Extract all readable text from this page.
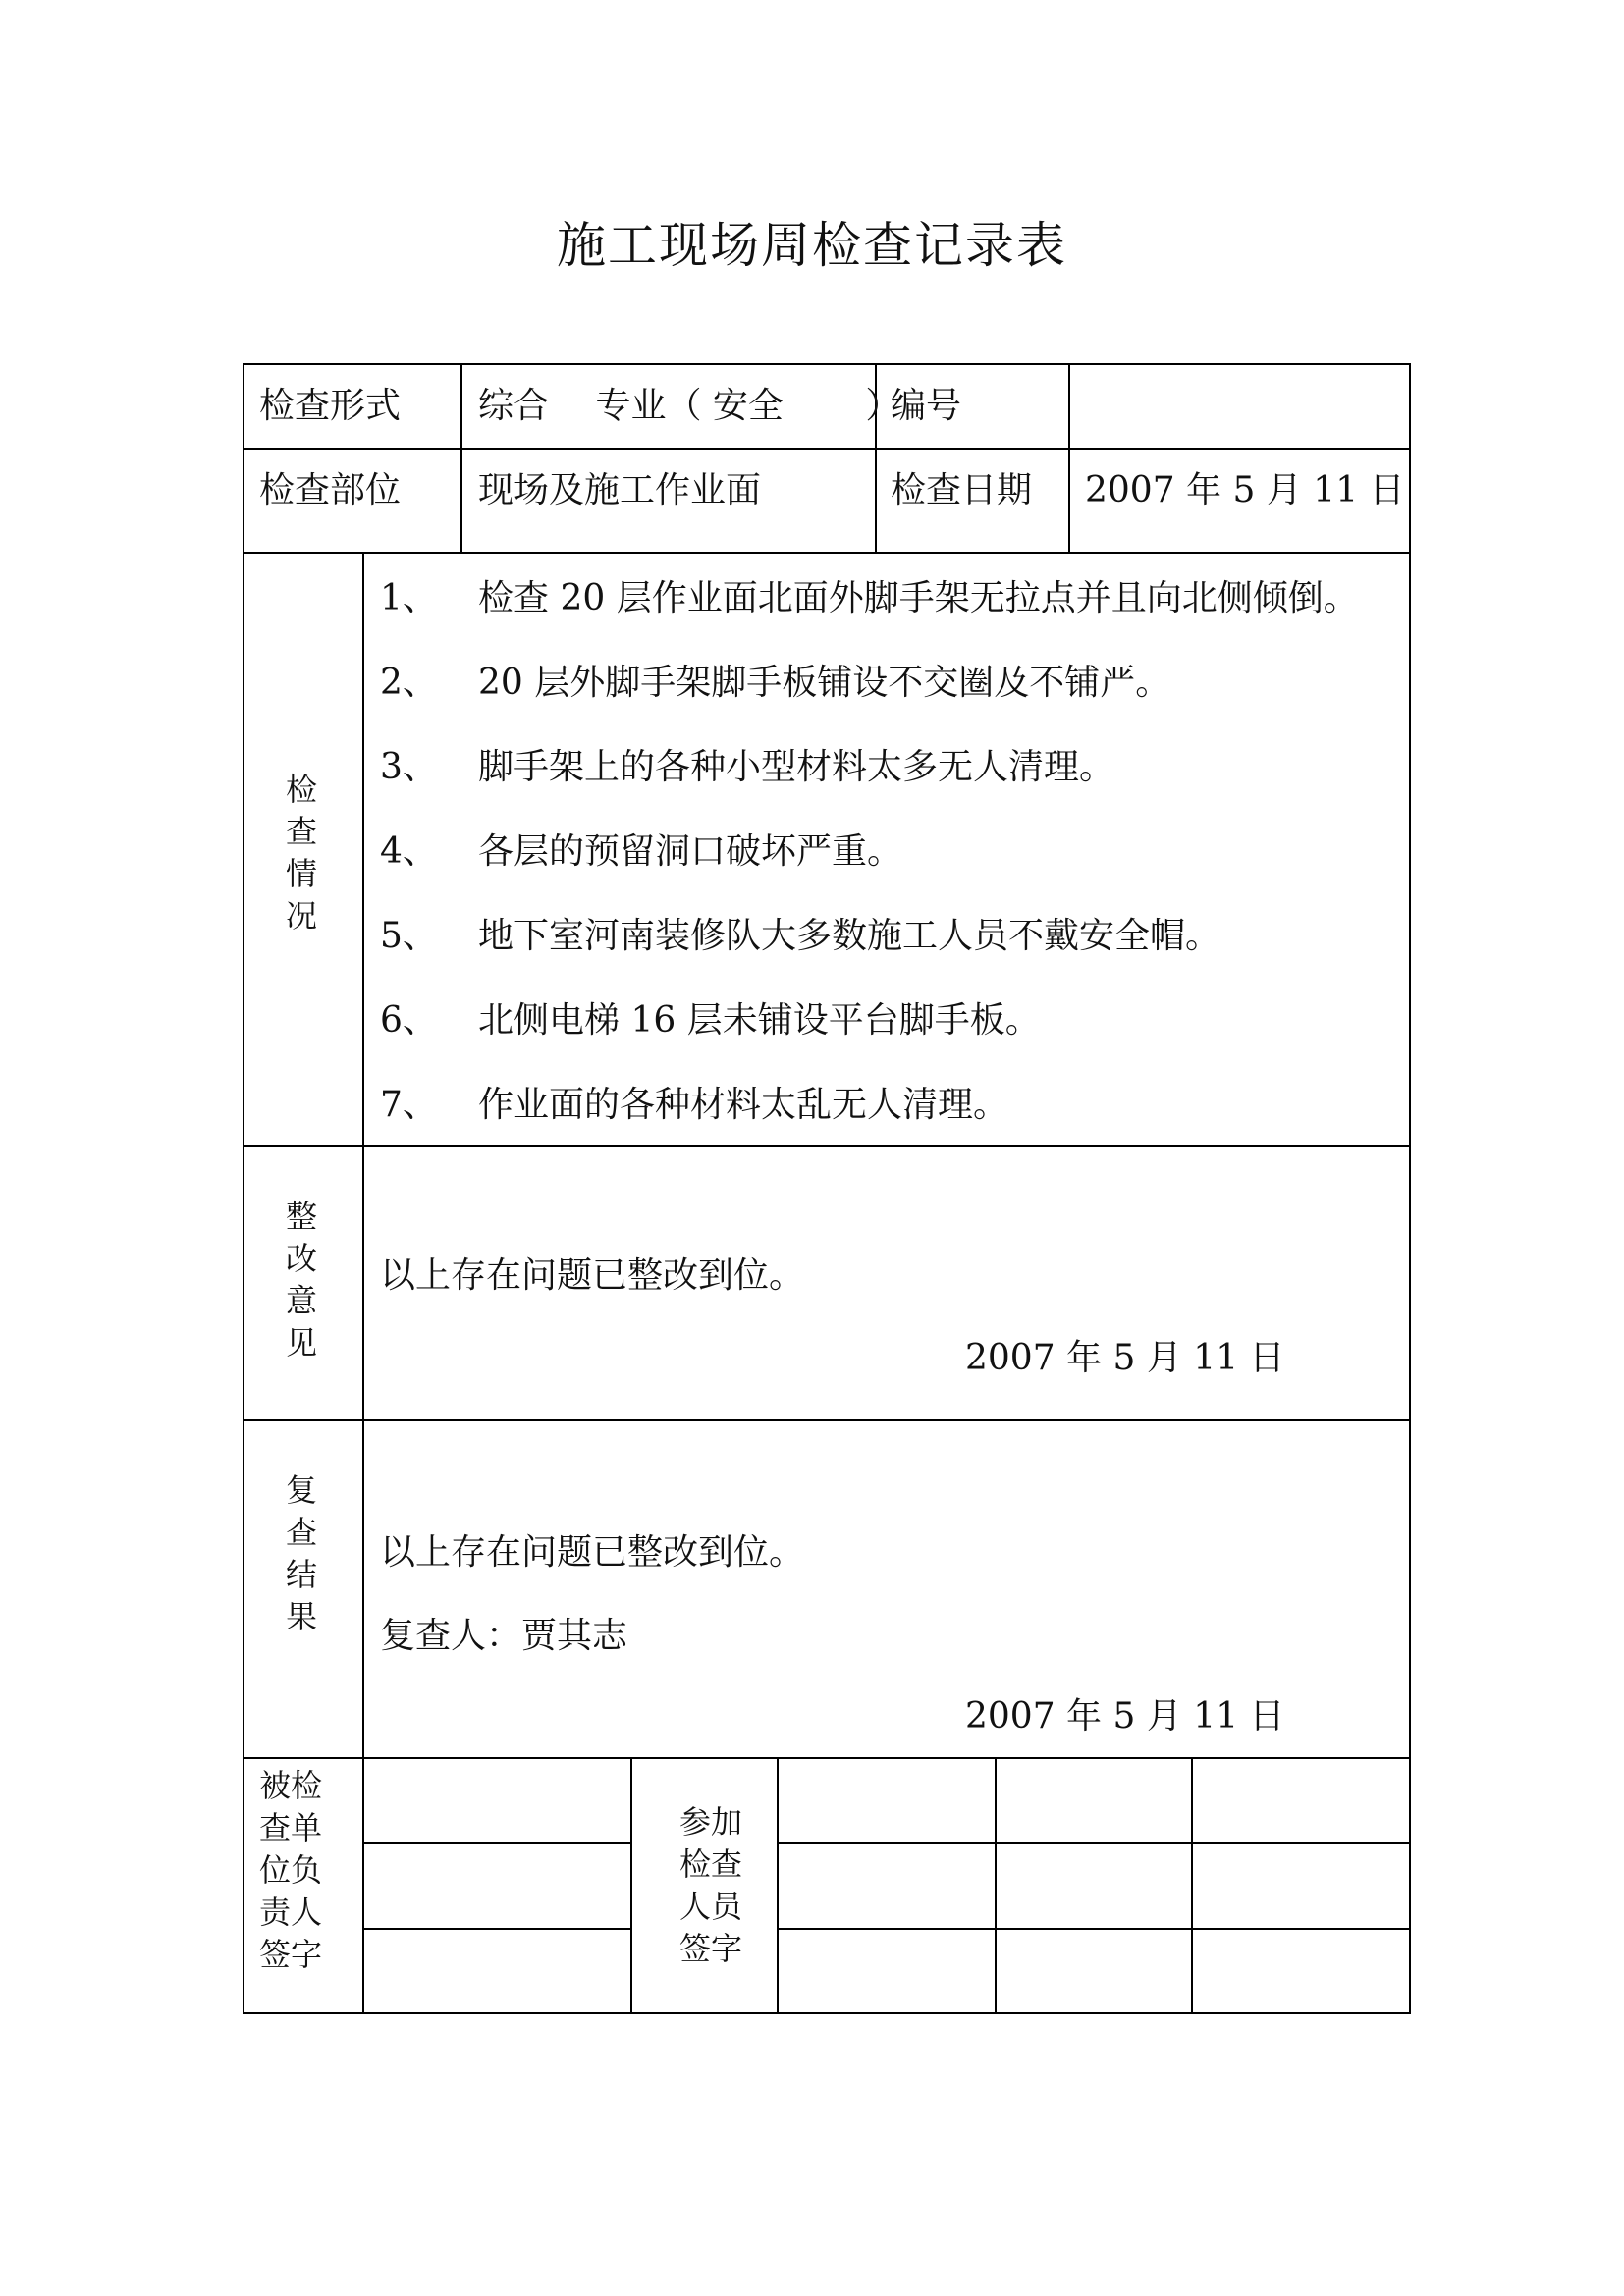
施工现场周检查记录表
检查形式 综合　 专业（ 安全　 　）
编号
检查部位 现场及施工作业面	检查日期 2007 年 5 月 11 日
检
查
情
况
1、 检查 20 层作业面北面外脚手架无拉点并且向北侧倾倒。
2、 20 层外脚手架脚手板铺设不交圈及不铺严。
3、 脚手架上的各种小型材料太多无人清理。
4、 各层的预留洞口破坏严重。
5、 地下室河南装修队大多数施工人员不戴安全帽。
6、 北侧电梯 16 层未铺设平台脚手板。
7、 作业面的各种材料太乱无人清理。
整
改
意
见
以上存在问题已整改到位。
2007 年 5 月 11 日
复
查
结
果
以上存在问题已整改到位。
复查人：贾其志
2007 年 5 月 11 日
被检
查单
位负
责人
签字
参加
检查
人员
签字
